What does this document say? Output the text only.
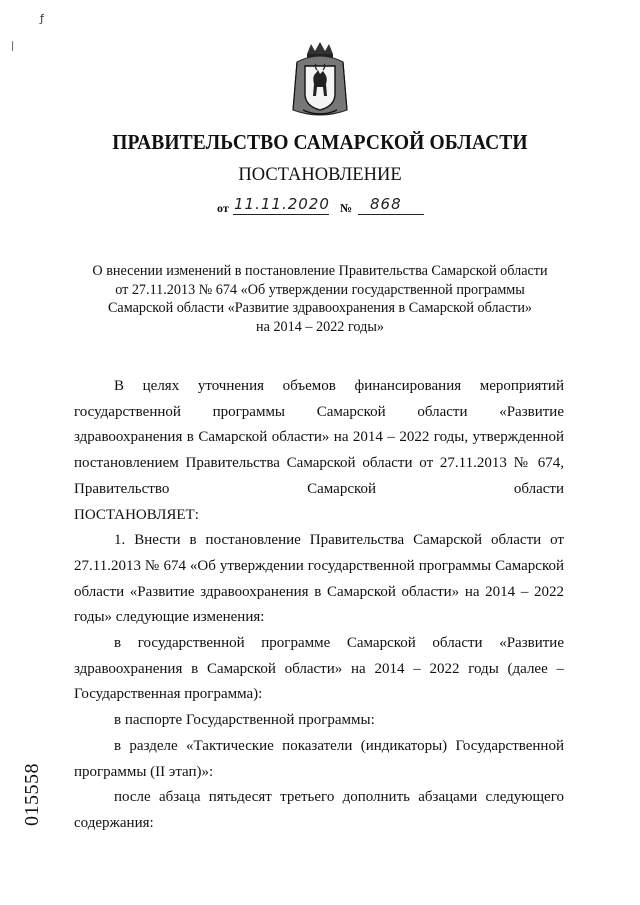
ƒ
⁄
ПРАВИТЕЛЬСТВО САМАРСКОЙ ОБЛАСТИ
ПОСТАНОВЛЕНИЕ
от 11.11.2020 № 868
О внесении изменений в постановление Правительства Самарской области
от 27.11.2013 № 674 «Об утверждении государственной программы
Самарской области «Развитие здравоохранения в Самарской области»
на 2014 – 2022 годы»

В целях уточнения объемов финансирования мероприятий государственной программы Самарской области «Развитие здравоохранения в Самарской области» на 2014 – 2022 годы, утвержденной постановлением Правительства Самарской области от 27.11.2013 № 674, Правительство Самарской области

ПОСТАНОВЛЯЕТ:

1. Внести в постановление Правительства Самарской области от 27.11.2013 № 674 «Об утверждении государственной программы Самарской области «Развитие здравоохранения в Самарской области» на 2014 – 2022 годы» следующие изменения:

в государственной программе Самарской области «Развитие здравоохранения в Самарской области» на 2014 – 2022 годы (далее – Государственная программа):

в паспорте Государственной программы:

в разделе «Тактические показатели (индикаторы) Государственной программы (II этап)»:

после абзаца пятьдесят третьего дополнить абзацами следующего содержания:

015558
